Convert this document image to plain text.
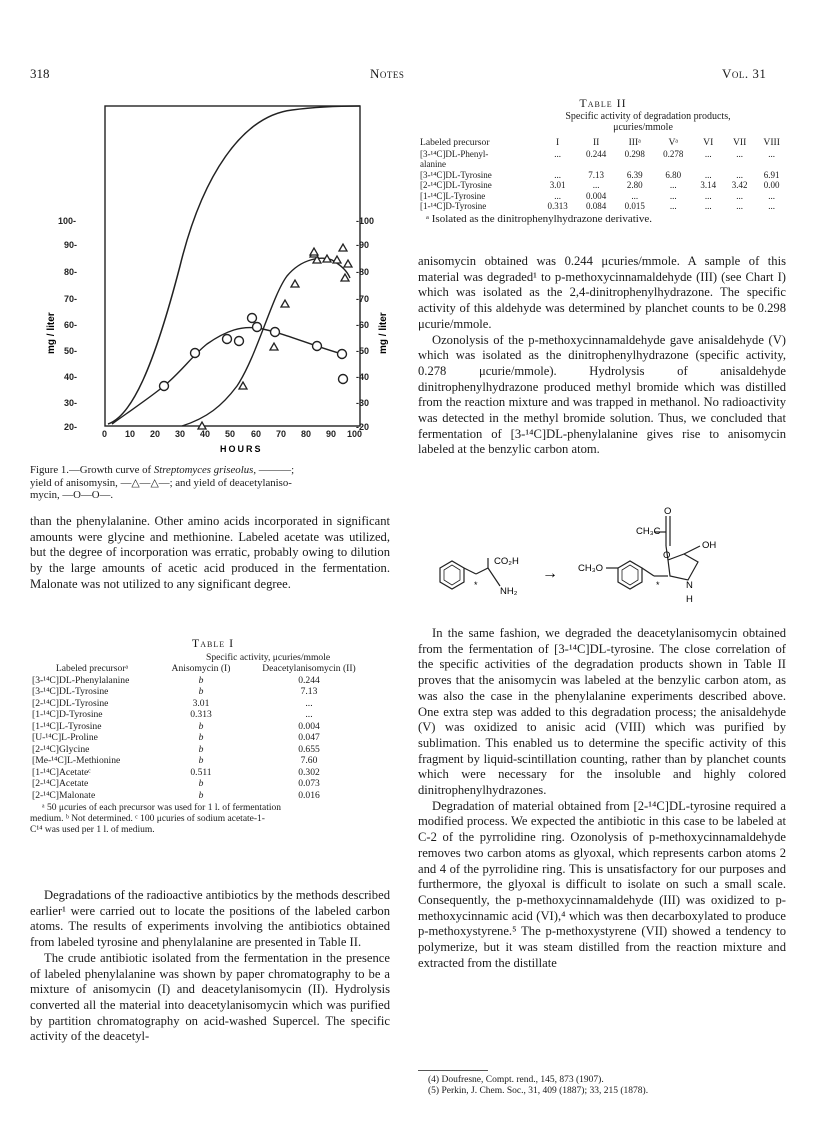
318	Notes	Vol. 31
100-
90-
80-
70-
60-
50-
40-
30-
20-
-100
-90
-80
-70
-60
-50
-40
-30
-20
mg / liter	mg / liter
0 10 20 30 40 50 60 70 80 90 100
HOURS
Figure 1.—Growth curve of Streptomyces griseolus, ———;
yield of anisomysin, —△—△—; and yield of deacetylaniso-
mycin, —O—O—.

than the phenylalanine. Other amino acids incorporated in significant amounts were glycine and methionine. Labeled acetate was utilized, but the degree of incorporation was erratic, probably owing to dilution by the large amounts of acetic acid produced in the fermentation. Malonate was not utilized to any significant degree.

Table I
Specific activity, μcuries/mmole
Labeled precursorᵃ	Anisomycin (I)	Deacetylanisomycin (II)
[3-¹⁴C]DL-Phenylalanine	b	0.244
[3-¹⁴C]DL-Tyrosine	b	7.13
[2-¹⁴C]DL-Tyrosine	3.01	...
[1-¹⁴C]D-Tyrosine	0.313	...
[1-¹⁴C]L-Tyrosine	b	0.004
[U-¹⁴C]L-Proline	b	0.047
[2-¹⁴C]Glycine	b	0.655
[Me-¹⁴C]L-Methionine	b	7.60
[1-¹⁴C]Acetateᶜ	0.511	0.302
[2-¹⁴C]Acetate	b	0.073
[2-¹⁴C]Malonate	b	0.016
ᵃ 50 μcuries of each precursor was used for 1 l. of fermentation
medium. ᵇ Not determined. ᶜ 100 μcuries of sodium acetate-1-
C¹⁴ was used per 1 l. of medium.

Degradations of the radioactive antibiotics by the methods described earlier¹ were carried out to locate the positions of the labeled carbon atoms. The results of experiments involving the antibiotics obtained from labeled tyrosine and phenylalanine are presented in Table II.

The crude antibiotic isolated from the fermentation in the presence of labeled phenylalanine was shown by paper chromatography to be a mixture of anisomycin (I) and deacetylanisomycin (II). Hydrolysis converted all the material into deacetylanisomycin which was purified by partition chromatography on acid-washed Supercel. The specific activity of the deacetyl-

Table II
Specific activity of degradation products,
μcuries/mmole
Labeled precursor	I	II	IIIᵃ	Vᵃ	VI	VII	VIII
[3-¹⁴C]DL-Phenyl-	...	0.244	0.298	0.278	...	...	...
alanine							
[3-¹⁴C]DL-Tyrosine	...	7.13	6.39	6.80	...	...	6.91
[2-¹⁴C]DL-Tyrosine	3.01	...	2.80	...	3.14	3.42	0.00
[1-¹⁴C]L-Tyrosine	...	0.004	...	...	...	...	...
[1-¹⁴C]D-Tyrosine	0.313	0.084	0.015	...	...	...	...
ᵃ Isolated as the dinitrophenylhydrazone derivative.

anisomycin obtained was 0.244 μcuries/mmole. A sample of this material was degraded¹ to p-methoxycinnamaldehyde (III) (see Chart I) which was isolated as the 2,4-dinitrophenylhydrazone. The specific activity of this aldehyde was determined by planchet counts to be 0.298 μcurie/mmole.

Ozonolysis of the p-methoxycinnamaldehyde gave anisaldehyde (V) which was isolated as the dinitrophenylhydrazone (specific activity, 0.278 μcurie/mmole). Hydrolysis of anisaldehyde dinitrophenylhydrazone produced methyl bromide which was distilled from the reaction mixture and was trapped in methanol. No radioactivity was detected in the methyl bromide solution. Thus, we concluded that fermentation of [3-¹⁴C]DL-phenylalanine gives rise to anisomycin labeled at the benzylic carbon atom.

CO₂H
NH₂
*
→ CH₃O
O
CH₃C
O
OH
N
H
*

In the same fashion, we degraded the deacetylanisomycin obtained from the fermentation of [3-¹⁴C]DL-tyrosine. The close correlation of the specific activities of the degradation products shown in Table II proves that the anisomycin was labeled at the benzylic carbon atom, as was also the case in the phenylalanine experiments described above. One extra step was added to this degradation process; the anisaldehyde (V) was oxidized to anisic acid (VIII) which was purified by sublimation. This enabled us to determine the specific activity of this fragment by liquid-scintillation counting, rather than by planchet counts which were necessary for the insoluble and highly colored dinitrophenylhydrazones.

Degradation of material obtained from [2-¹⁴C]DL-tyrosine required a modified process. We expected the antibiotic in this case to be labeled at C-2 of the pyrrolidine ring. Ozonolysis of p-methoxycinnamaldehyde removes two carbon atoms as glyoxal, which represents carbon atoms 2 and 4 of the pyrrolidine ring. This is unsatisfactory for our purposes and furthermore, the glyoxal is difficult to isolate on such a small scale. Consequently, the p-methoxycinnamaldehyde (III) was oxidized to p-methoxycinnamic acid (VI),⁴ which was then decarboxylated to produce p-methoxystyrene.⁵ The p-methoxystyrene (VII) showed a tendency to polymerize, but it was steam distilled from the reaction mixture and extracted from the distillate

(4) Doufresne, Compt. rend., 145, 873 (1907).
(5) Perkin, J. Chem. Soc., 31, 409 (1887); 33, 215 (1878).
